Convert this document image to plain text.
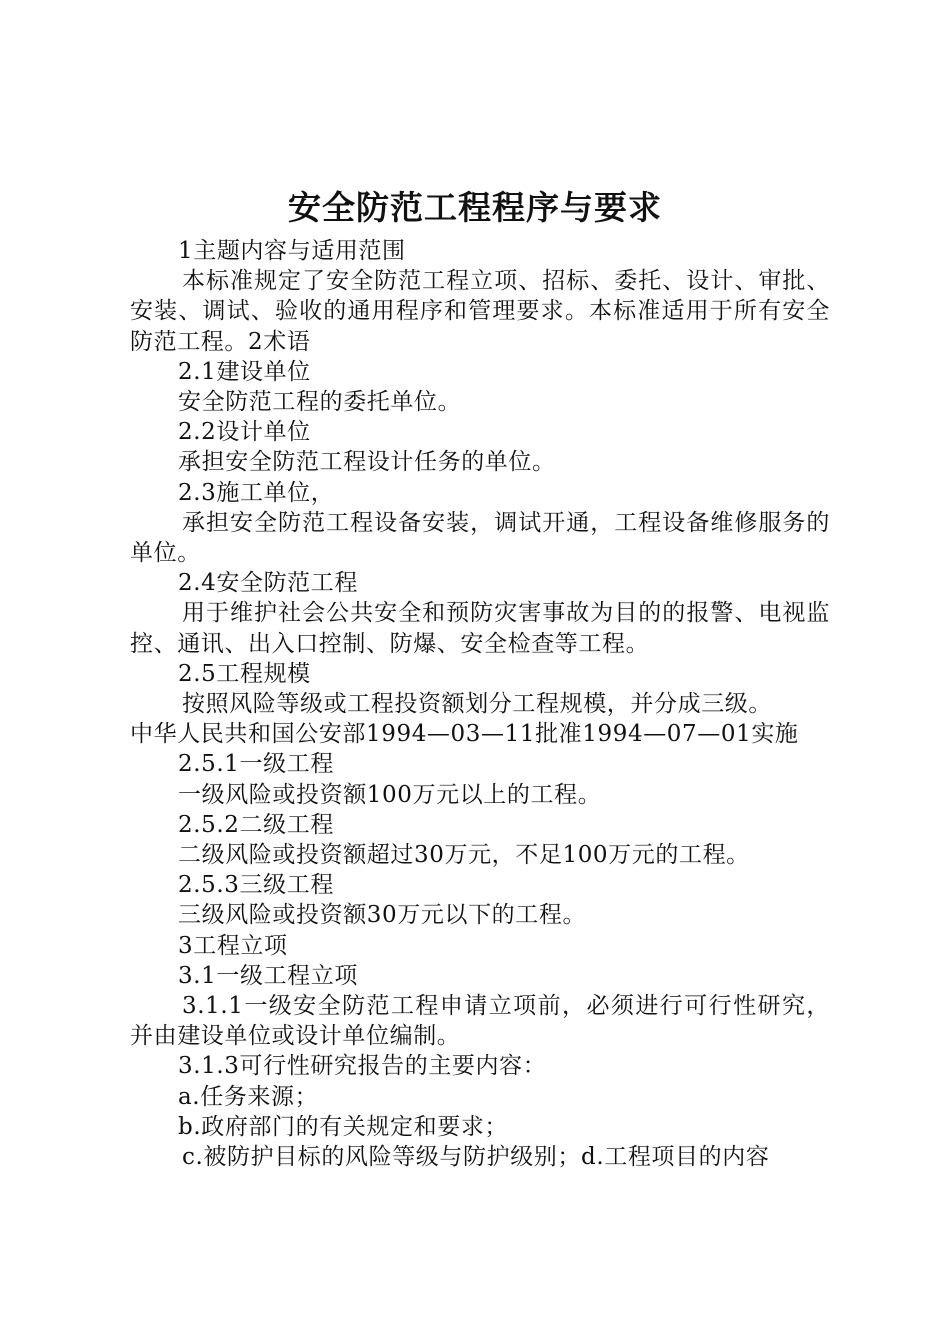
安全防范工程程序与要求

1主题内容与适用范围

本标准规定了安全防范工程立项、招标、委托、设计、审批、安装、调试、验收的通用程序和管理要求。本标准适用于所有安全防范工程。2术语

2.1建设单位

安全防范工程的委托单位。

2.2设计单位

承担安全防范工程设计任务的单位。

2.3施工单位，

承担安全防范工程设备安装，调试开通，工程设备维修服务的单位。

2.4安全防范工程

用于维护社会公共安全和预防灾害事故为目的的报警、电视监控、通讯、出入口控制、防爆、安全检查等工程。

2.5工程规模

按照风险等级或工程投资额划分工程规模，并分成三级。

中华人民共和国公安部1994—03—11批准1994—07—01实施

2.5.1一级工程

一级风险或投资额100万元以上的工程。

2.5.2二级工程

二级风险或投资额超过30万元，不足100万元的工程。

2.5.3三级工程

三级风险或投资额30万元以下的工程。

3工程立项

3.1一级工程立项

3.1.1一级安全防范工程申请立项前，必须进行可行性研究，并由建设单位或设计单位编制。

3.1.3可行性研究报告的主要内容：

a.任务来源；

b.政府部门的有关规定和要求；

c.被防护目标的风险等级与防护级别；d.工程项目的内容
